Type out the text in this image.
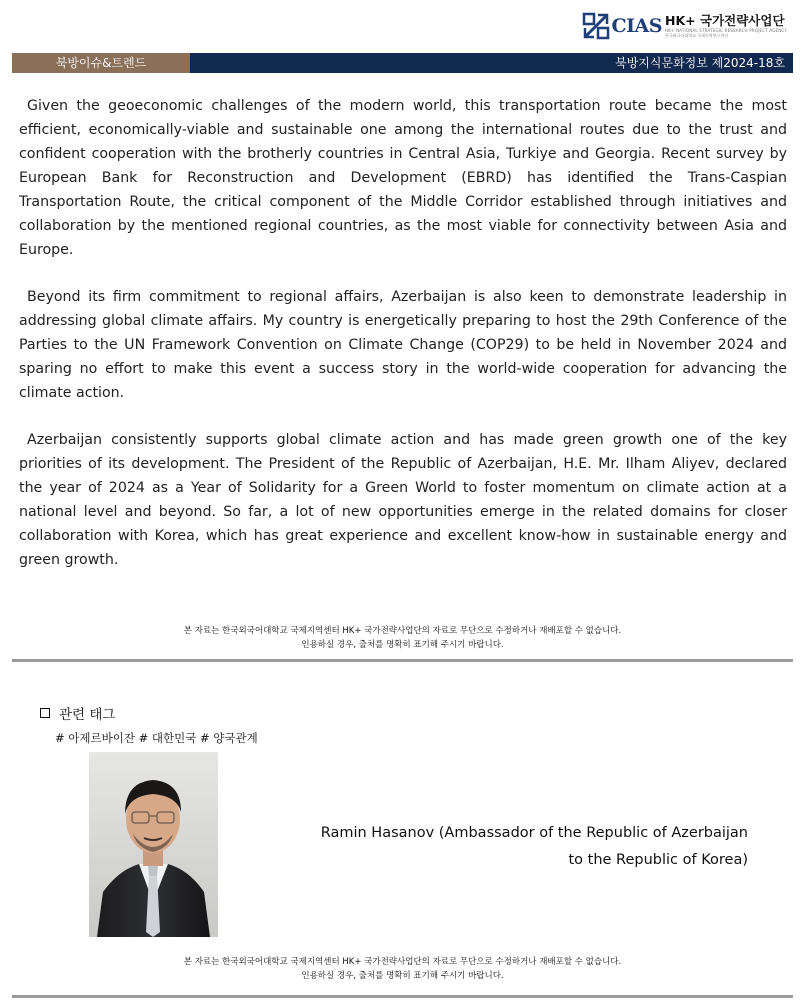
CIAS HK+ 국가전략사업단
HK+ NATIONAL STRATEGIC RESEARCH PROJECT AGENCY
한국외국어대학교 국제지역연구센터
북방이슈&트렌드	북방지식문화정보 제2024-18호

Given the geoeconomic challenges of the modern world, this transportation route became the most efficient, economically-viable and sustainable one among the international routes due to the trust and confident cooperation with the brotherly countries in Central Asia, Turkiye and Georgia. Recent survey by European Bank for Reconstruction and Development (EBRD) has identified the Trans-Caspian Transportation Route, the critical component of the Middle Corridor established through initiatives and collaboration by the mentioned regional countries, as the most viable for connectivity between Asia and Europe.

Beyond its firm commitment to regional affairs, Azerbaijan is also keen to demonstrate leadership in addressing global climate affairs. My country is energetically preparing to host the 29th Conference of the Parties to the UN Framework Convention on Climate Change (COP29) to be held in November 2024 and sparing no effort to make this event a success story in the world-wide cooperation for advancing the climate action.

Azerbaijan consistently supports global climate action and has made green growth one of the key priorities of its development. The President of the Republic of Azerbaijan, H.E. Mr. Ilham Aliyev, declared the year of 2024 as a Year of Solidarity for a Green World to foster momentum on climate action at a national level and beyond. So far, a lot of new opportunities emerge in the related domains for closer collaboration with Korea, which has great experience and excellent know-how in sustainable energy and green growth.

본 자료는 한국외국어대학교 국제지역센터 HK+ 국가전략사업단의 자료로 무단으로 수정하거나 재배포할 수 없습니다.
인용하실 경우, 출처를 명확히 표기해 주시기 바랍니다.
관련 태그
# 아제르바이잔 # 대한민국 # 양국관계
Ramin Hasanov (Ambassador of the Republic of Azerbaijan
to the Republic of Korea)
본 자료는 한국외국어대학교 국제지역센터 HK+ 국가전략사업단의 자료로 무단으로 수정하거나 재배포할 수 없습니다.
인용하실 경우, 출처를 명확히 표기해 주시기 바랍니다.
